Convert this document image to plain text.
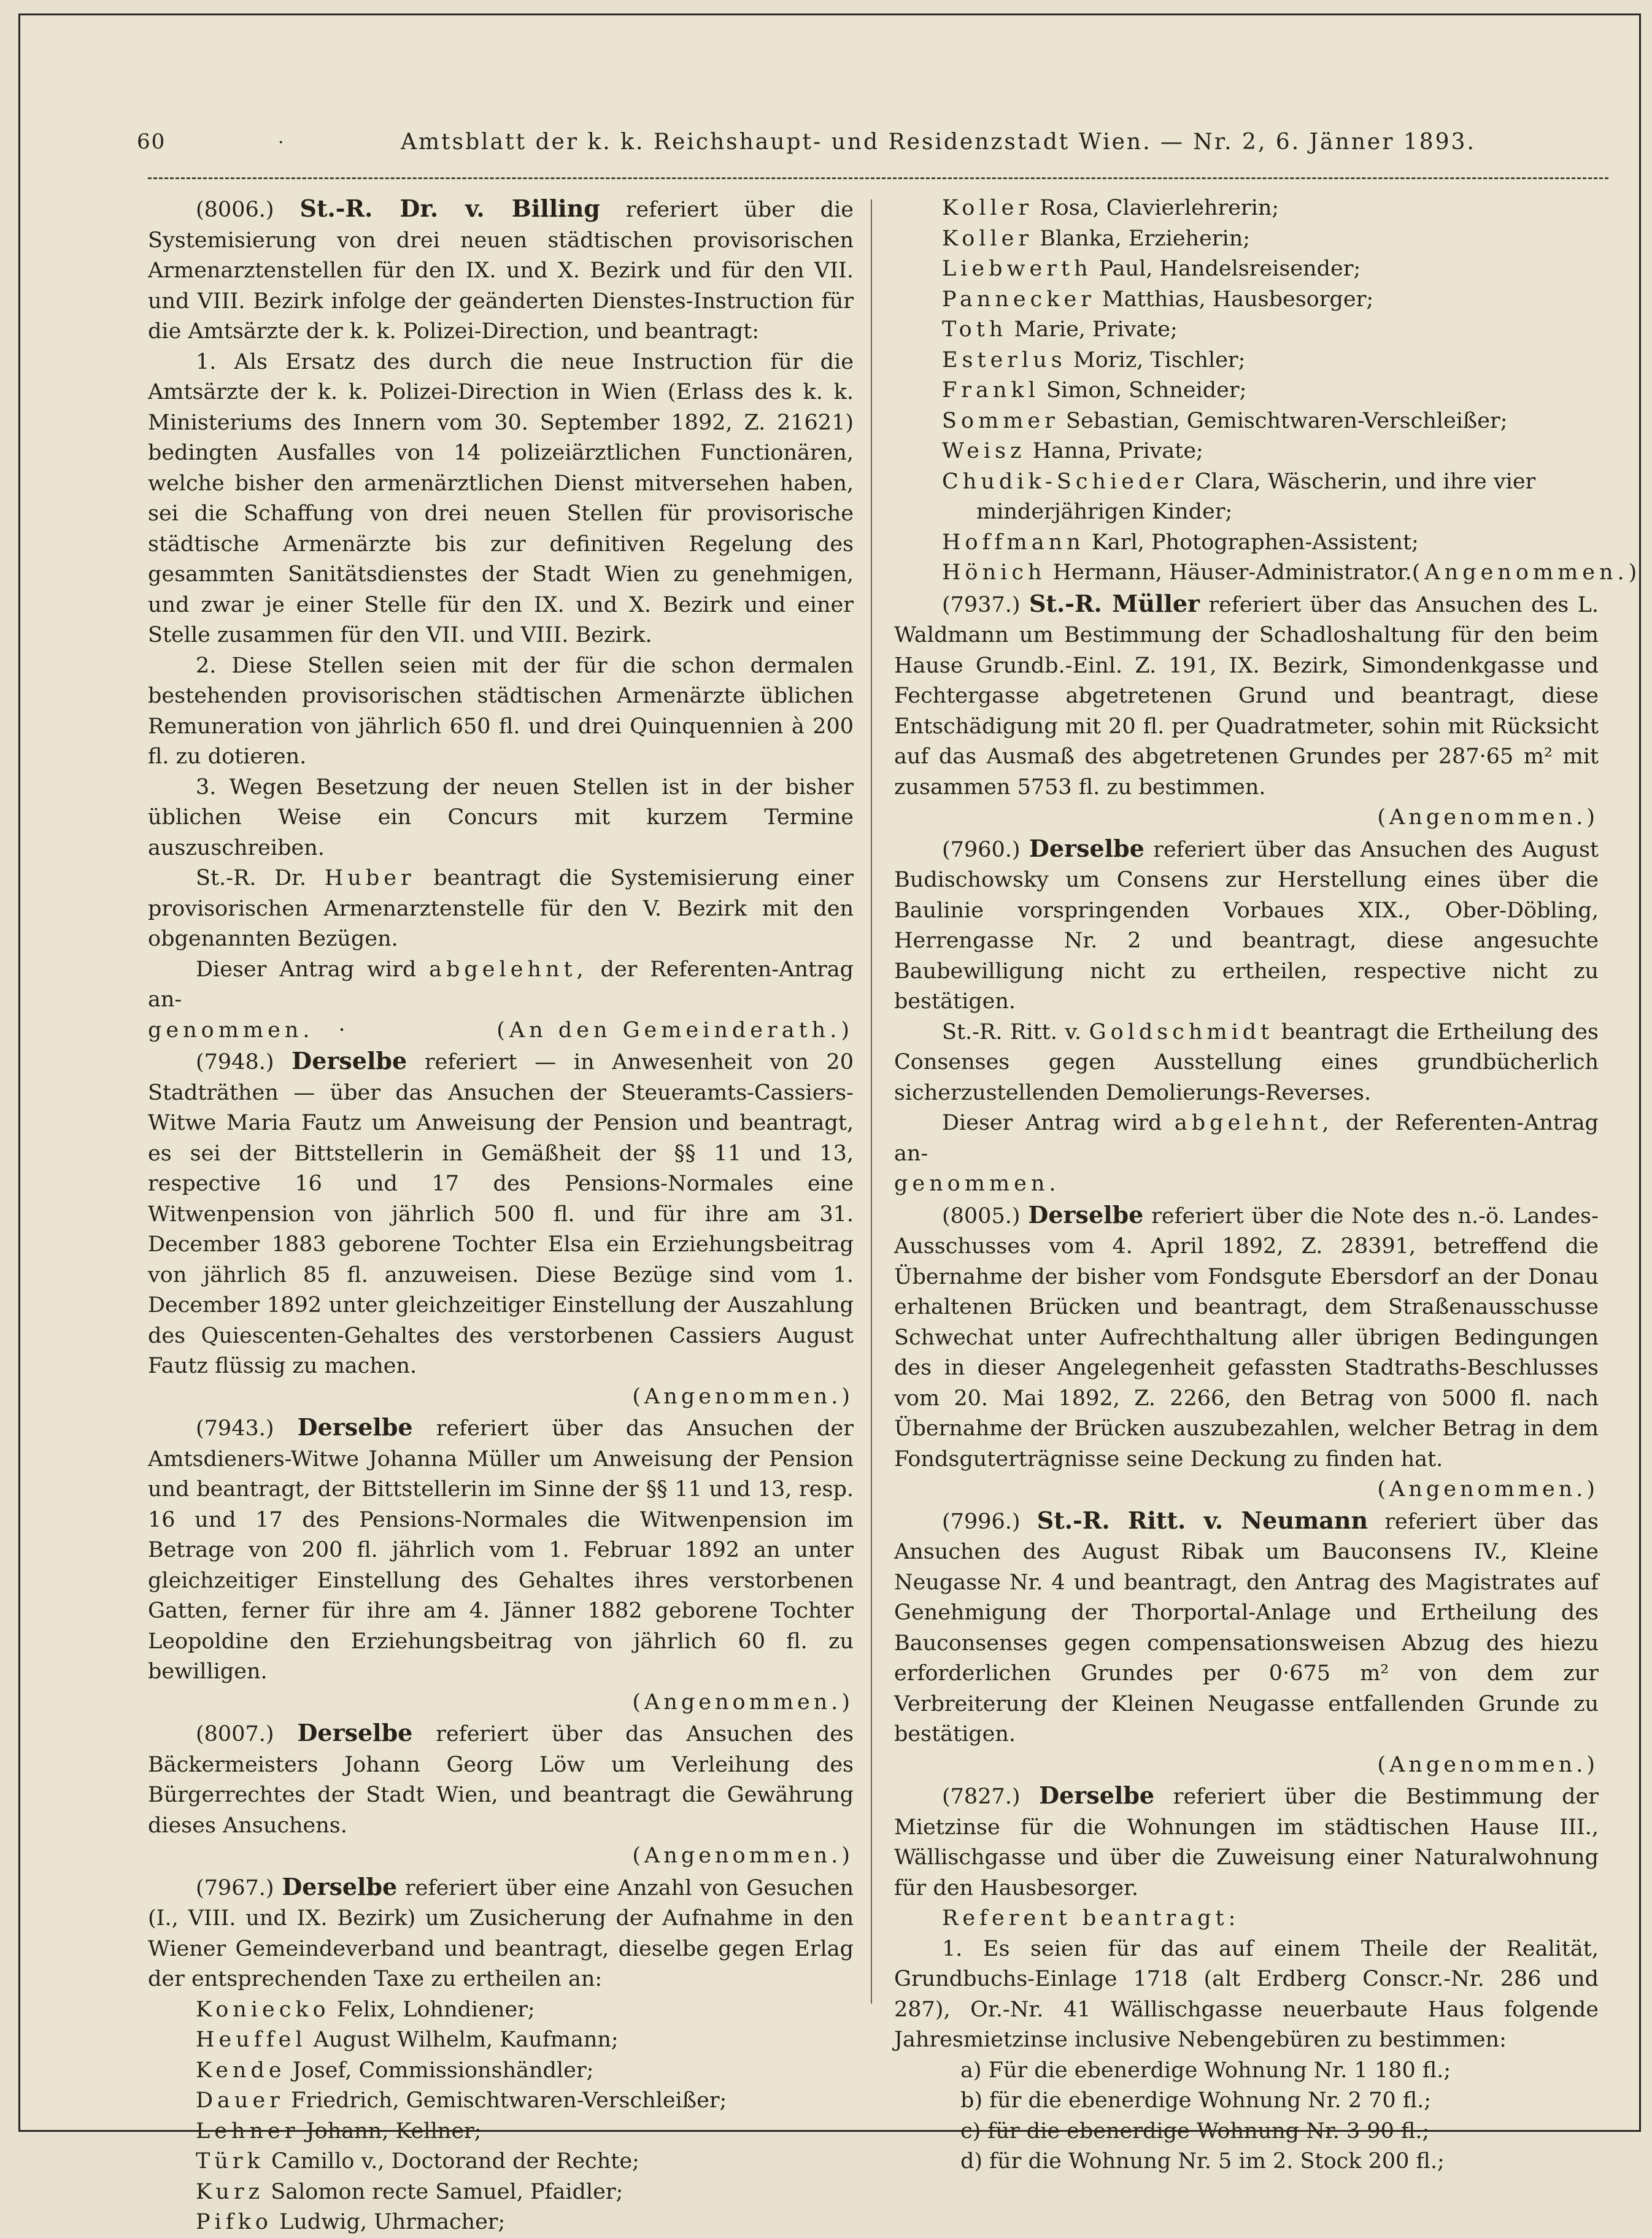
60	·	Amtsblatt der k. k. Reichshaupt- und Residenzstadt Wien. — Nr. 2, 6. Jänner 1893.

(8006.) St.-R. Dr. v. Billing referiert über die Systemisierung von drei neuen städtischen provisorischen Armenarztenstellen für den IX. und X. Bezirk und für den VII. und VIII. Bezirk infolge der geänderten Dienstes-Instruction für die Amtsärzte der k. k. Polizei-Direction, und beantragt:

1. Als Ersatz des durch die neue Instruction für die Amtsärzte der k. k. Polizei-Direction in Wien (Erlass des k. k. Ministeriums des Innern vom 30. September 1892, Z. 21621) bedingten Ausfalles von 14 polizeiärztlichen Functionären, welche bisher den armenärztlichen Dienst mitversehen haben, sei die Schaffung von drei neuen Stellen für provisorische städtische Armenärzte bis zur definitiven Regelung des gesammten Sanitätsdienstes der Stadt Wien zu genehmigen, und zwar je einer Stelle für den IX. und X. Bezirk und einer Stelle zusammen für den VII. und VIII. Bezirk.

2. Diese Stellen seien mit der für die schon dermalen bestehenden provisorischen städtischen Armenärzte üblichen Remuneration von jährlich 650 fl. und drei Quinquennien à 200 fl. zu dotieren.

3. Wegen Besetzung der neuen Stellen ist in der bisher üblichen Weise ein Concurs mit kurzem Termine auszuschreiben.

St.-R. Dr. Huber beantragt die Systemisierung einer provisorischen Armenarztenstelle für den V. Bezirk mit den obgenannten Bezügen.

Dieser Antrag wird abgelehnt, der Referenten-Antrag an-

genommen. ·	(An den Gemeinderath.)

(7948.) Derselbe referiert — in Anwesenheit von 20 Stadträthen — über das Ansuchen der Steueramts-Cassiers-Witwe Maria Fautz um Anweisung der Pension und beantragt, es sei der Bittstellerin in Gemäßheit der §§ 11 und 13, respective 16 und 17 des Pensions-Normales eine Witwenpension von jährlich 500 fl. und für ihre am 31. December 1883 geborene Tochter Elsa ein Erziehungsbeitrag von jährlich 85 fl. anzuweisen. Diese Bezüge sind vom 1. December 1892 unter gleichzeitiger Einstellung der Auszahlung des Quiescenten-Gehaltes des verstorbenen Cassiers August Fautz flüssig zu machen.

(Angenommen.)

(7943.) Derselbe referiert über das Ansuchen der Amtsdieners-Witwe Johanna Müller um Anweisung der Pension und beantragt, der Bittstellerin im Sinne der §§ 11 und 13, resp. 16 und 17 des Pensions-Normales die Witwenpension im Betrage von 200 fl. jährlich vom 1. Februar 1892 an unter gleichzeitiger Einstellung des Gehaltes ihres verstorbenen Gatten, ferner für ihre am 4. Jänner 1882 geborene Tochter Leopoldine den Erziehungsbeitrag von jährlich 60 fl. zu bewilligen.

(Angenommen.)

(8007.) Derselbe referiert über das Ansuchen des Bäckermeisters Johann Georg Löw um Verleihung des Bürgerrechtes der Stadt Wien, und beantragt die Gewährung dieses Ansuchens.

(Angenommen.)

(7967.) Derselbe referiert über eine Anzahl von Gesuchen (I., VIII. und IX. Bezirk) um Zusicherung der Aufnahme in den Wiener Gemeindeverband und beantragt, dieselbe gegen Erlag der entsprechenden Taxe zu ertheilen an:

Koniecko Felix, Lohndiener;

Heuffel August Wilhelm, Kaufmann;

Kende Josef, Commissionshändler;

Dauer Friedrich, Gemischtwaren-Verschleißer;

Lehner Johann, Kellner;

Türk Camillo v., Doctorand der Rechte;

Kurz Salomon recte Samuel, Pfaidler;

Pifko Ludwig, Uhrmacher;

Koller Rosa, Clavierlehrerin;

Koller Blanka, Erzieherin;

Liebwerth Paul, Handelsreisender;

Pannecker Matthias, Hausbesorger;

Toth Marie, Private;

Esterlus Moriz, Tischler;

Frankl Simon, Schneider;

Sommer Sebastian, Gemischtwaren-Verschleißer;

Weisz Hanna, Private;

Chudik-Schieder Clara, Wäscherin, und ihre vier minderjährigen Kinder;

Hoffmann Karl, Photographen-Assistent;

Hönich Hermann, Häuser-Administrator. (Angenommen.)

(7937.) St.-R. Müller referiert über das Ansuchen des L. Waldmann um Bestimmung der Schadloshaltung für den beim Hause Grundb.-Einl. Z. 191, IX. Bezirk, Simondenkgasse und Fechtergasse abgetretenen Grund und beantragt, diese Entschädigung mit 20 fl. per Quadratmeter, sohin mit Rücksicht auf das Ausmaß des abgetretenen Grundes per 287·65 m² mit zusammen 5753 fl. zu bestimmen.

(Angenommen.)

(7960.) Derselbe referiert über das Ansuchen des August Budischowsky um Consens zur Herstellung eines über die Baulinie vorspringenden Vorbaues XIX., Ober-Döbling, Herrengasse Nr. 2 und beantragt, diese angesuchte Baubewilligung nicht zu ertheilen, respective nicht zu bestätigen.

St.-R. Ritt. v. Goldschmidt beantragt die Ertheilung des Consenses gegen Ausstellung eines grundbücherlich sicherzustellenden Demolierungs-Reverses.

Dieser Antrag wird abgelehnt, der Referenten-Antrag an-

genommen.

(8005.) Derselbe referiert über die Note des n.-ö. Landes-Ausschusses vom 4. April 1892, Z. 28391, betreffend die Übernahme der bisher vom Fondsgute Ebersdorf an der Donau erhaltenen Brücken und beantragt, dem Straßenausschusse Schwechat unter Aufrechthaltung aller übrigen Bedingungen des in dieser Angelegenheit gefassten Stadtraths-Beschlusses vom 20. Mai 1892, Z. 2266, den Betrag von 5000 fl. nach Übernahme der Brücken auszubezahlen, welcher Betrag in dem Fondsguterträgnisse seine Deckung zu finden hat.

(Angenommen.)

(7996.) St.-R. Ritt. v. Neumann referiert über das Ansuchen des August Ribak um Bauconsens IV., Kleine Neugasse Nr. 4 und beantragt, den Antrag des Magistrates auf Genehmigung der Thorportal-Anlage und Ertheilung des Bauconsenses gegen compensationsweisen Abzug des hiezu erforderlichen Grundes per 0·675 m² von dem zur Verbreiterung der Kleinen Neugasse entfallenden Grunde zu bestätigen.

(Angenommen.)

(7827.) Derselbe referiert über die Bestimmung der Mietzinse für die Wohnungen im städtischen Hause III., Wällischgasse und über die Zuweisung einer Naturalwohnung für den Hausbesorger.

Referent beantragt:

1. Es seien für das auf einem Theile der Realität, Grundbuchs-Einlage 1718 (alt Erdberg Conscr.-Nr. 286 und 287), Or.-Nr. 41 Wällischgasse neuerbaute Haus folgende Jahresmietzinse inclusive Nebengebüren zu bestimmen:

a) Für die ebenerdige Wohnung Nr. 1 180 fl.;

b) für die ebenerdige Wohnung Nr. 2 70 fl.;

c) für die ebenerdige Wohnung Nr. 3 90 fl.;

d) für die Wohnung Nr. 5 im 2. Stock 200 fl.;
